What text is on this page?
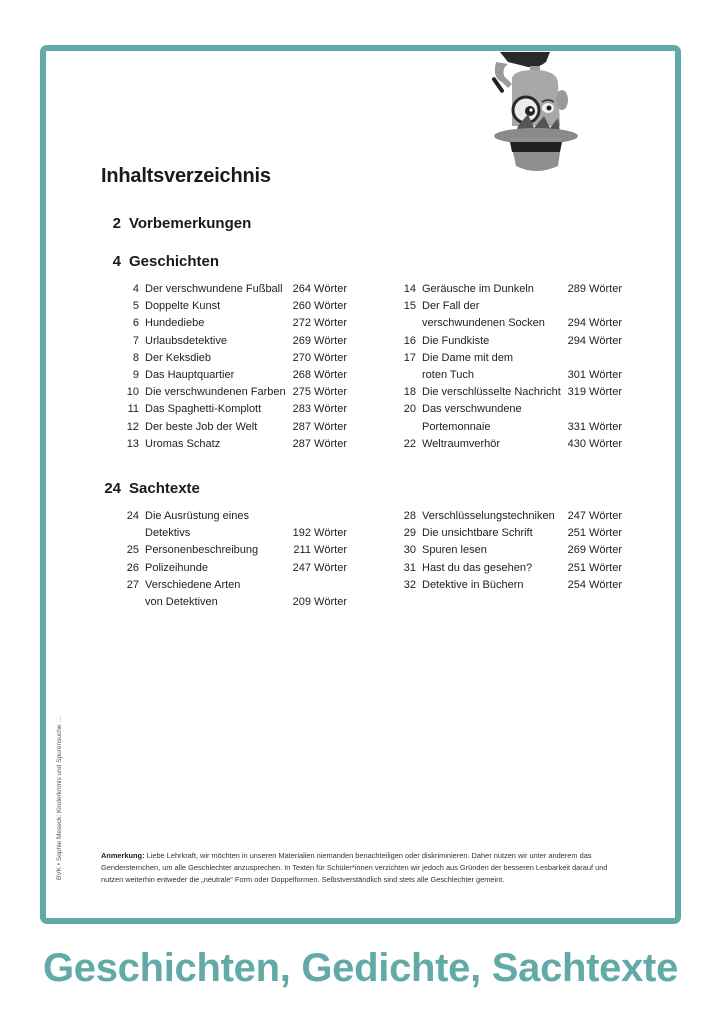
Inhaltsverzeichnis
2 Vorbemerkungen
4 Geschichten
24 Sachtexte
4 Der verschwundene Fußball 264 Wörter
5 Doppelte Kunst	260 Wörter
6 Hundediebe	272 Wörter
7 Urlaubsdetektive	269 Wörter
8 Der Keksdieb	270 Wörter
9 Das Hauptquartier	268 Wörter
10 Die verschwundenen Farben 275 Wörter
11 Das Spaghetti-Komplott	283 Wörter
12 Der beste Job der Welt	287 Wörter
13 Uromas Schatz	287 Wörter
14 Geräusche im Dunkeln	289 Wörter
15 Der Fall der
verschwundenen Socken 294 Wörter
16 Die Fundkiste	294 Wörter
17 Die Dame mit dem
roten Tuch	301 Wörter
18 Die verschlüsselte Nachricht 319 Wörter
20 Das verschwundene
Portemonnaie	331 Wörter
22 Weltraumverhör	430 Wörter
24 Die Ausrüstung eines
Detektivs	192 Wörter
25 Personenbeschreibung	211 Wörter
26 Polizeihunde	247 Wörter
27 Verschiedene Arten
von Detektiven	209 Wörter
28 Verschlüsselungstechniken 247 Wörter
29 Die unsichtbare Schrift	251 Wörter
30 Spuren lesen	269 Wörter
31 Hast du das gesehen?	251 Wörter
32 Detektive in Büchern	254 Wörter
BVK • Sophie Meseck: Kinderkrimis und Spurensuche …	Anmerkung: Liebe Lehrkraft, wir möchten in unseren Materialien niemanden benachteiligen oder diskriminieren. Daher nutzen wir unter anderem das Gendersternchen, um alle Geschlechter anzusprechen. In Texten für Schüler*innen verzichten wir jedoch aus Gründen der besseren Lesbarkeit darauf und nutzen weiterhin entweder die „neutrale“ Form oder Doppelformen. Selbstverständlich sind stets alle Geschlechter gemeint.
Geschichten, Gedichte, Sachtexte
